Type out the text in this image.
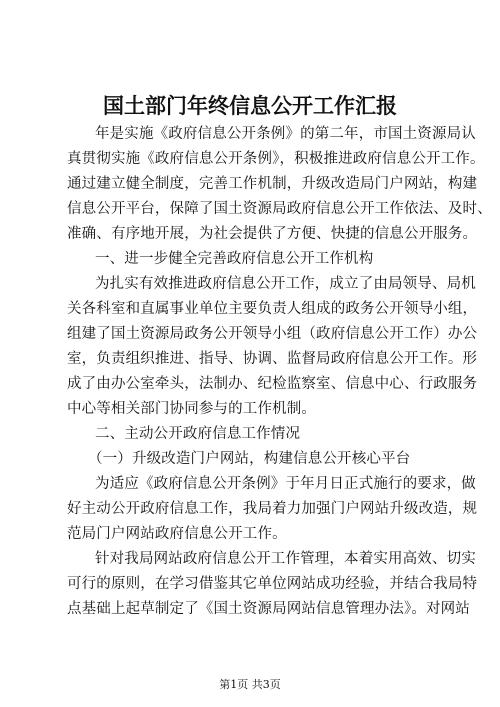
国土部门年终信息公开工作汇报
年是实施《政府信息公开条例》的第二年，市国土资源局认
真贯彻实施《政府信息公开条例》，积极推进政府信息公开工作。
通过建立健全制度，完善工作机制，升级改造局门户网站，构建
信息公开平台，保障了国土资源局政府信息公开工作依法、及时、
准确、有序地开展，为社会提供了方便、快捷的信息公开服务。
一、进一步健全完善政府信息公开工作机构
为扎实有效推进政府信息公开工作，成立了由局领导、局机
关各科室和直属事业单位主要负责人组成的政务公开领导小组，
组建了国土资源局政务公开领导小组（政府信息公开工作）办公
室，负责组织推进、指导、协调、监督局政府信息公开工作。形
成了由办公室牵头，法制办、纪检监察室、信息中心、行政服务
中心等相关部门协同参与的工作机制。
二、主动公开政府信息工作情况
（一）升级改造门户网站，构建信息公开核心平台
为适应《政府信息公开条例》于年月日正式施行的要求，做
好主动公开政府信息工作，我局着力加强门户网站升级改造，规
范局门户网站政府信息公开工作。
针对我局网站政府信息公开工作管理，本着实用高效、切实
可行的原则，在学习借鉴其它单位网站成功经验，并结合我局特
点基础上起草制定了《国土资源局网站信息管理办法》。对网站
第1页 共3页
